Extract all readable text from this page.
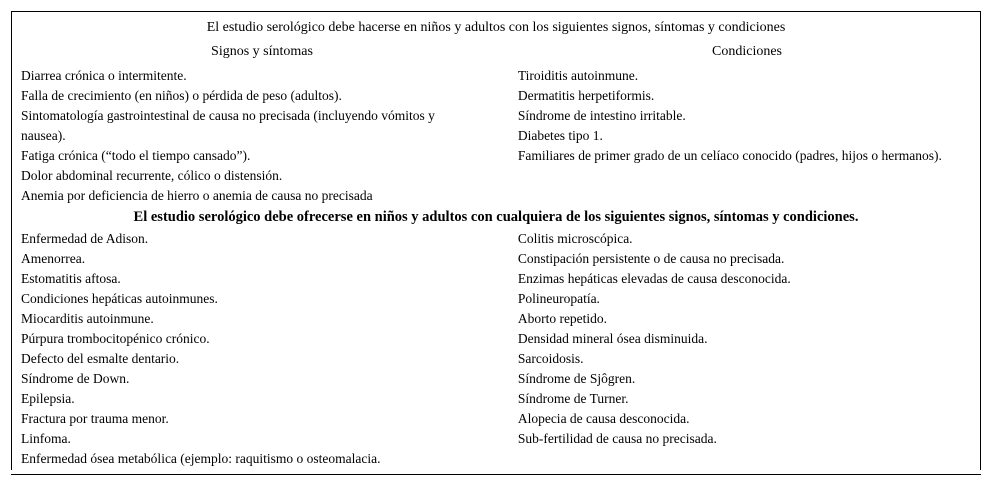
El estudio serológico debe hacerse en niños y adultos con los siguientes signos, síntomas y condiciones
Signos y síntomas	Condiciones
Diarrea crónica o intermitente.
Falla de crecimiento (en niños) o pérdida de peso (adultos).
Sintomatología gastrointestinal de causa no precisada (incluyendo vómitos y nausea).
Fatiga crónica (“todo el tiempo cansado”).
Dolor abdominal recurrente, cólico o distensión.
Anemia por deficiencia de hierro o anemia de causa no precisada
Tiroiditis autoinmune.
Dermatitis herpetiformis.
Síndrome de intestino irritable.
Diabetes tipo 1.
Familiares de primer grado de un celíaco conocido (padres, hijos o hermanos).
El estudio serológico debe ofrecerse en niños y adultos con cualquiera de los siguientes signos, síntomas y condiciones.
Enfermedad de Adison.
Amenorrea.
Estomatitis aftosa.
Condiciones hepáticas autoinmunes.
Miocarditis autoinmune.
Púrpura trombocitopénico crónico.
Defecto del esmalte dentario.
Síndrome de Down.
Epilepsia.
Fractura por trauma menor.
Linfoma.
Enfermedad ósea metabólica (ejemplo: raquitismo o osteomalacia.
Colitis microscópica.
Constipación persistente o de causa no precisada.
Enzimas hepáticas elevadas de causa desconocida.
Polineuropatía.
Aborto repetido.
Densidad mineral ósea disminuida.
Sarcoidosis.
Síndrome de Sjôgren.
Síndrome de Turner.
Alopecia de causa desconocida.
Sub-fertilidad de causa no precisada.
